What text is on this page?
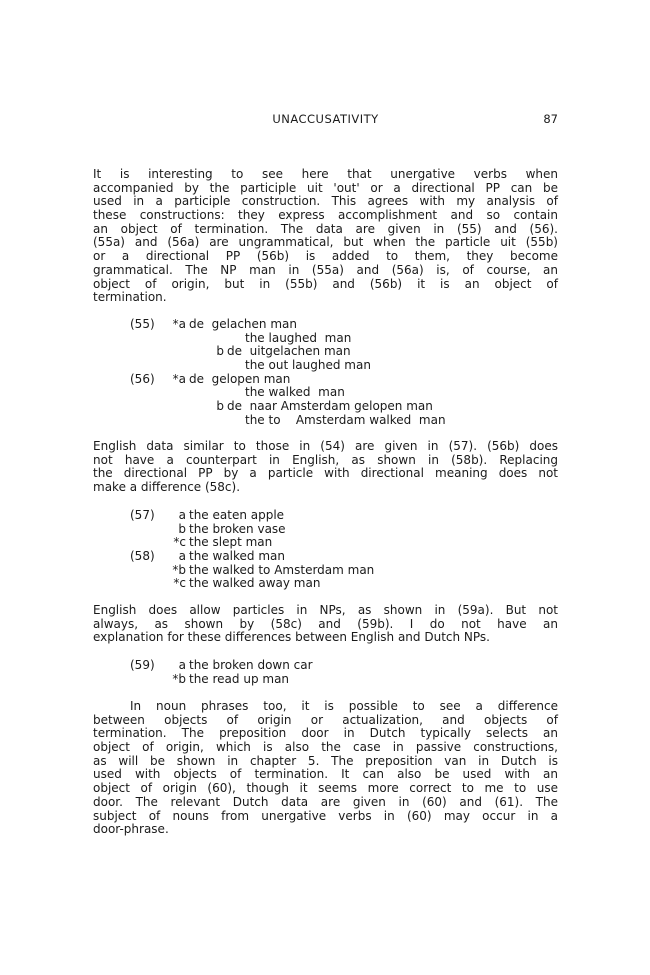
UNACCUSATIVITY	87
It is interesting to see here that unergative verbs when
accompanied by the participle uit 'out' or a directional PP can be
used in a participle construction. This agrees with my analysis of
these constructions: they express accomplishment and so contain
an object of termination. The data are given in (55) and (56).
(55a) and (56a) are ungrammatical, but when the particle uit (55b)
or a directional PP (56b) is added to them, they become
grammatical. The NP man in (55a) and (56a) is, of course, an
object of origin, but in (55b) and (56b) it is an object of
termination.
(55) *a de  gelachen man
the laughed  man
b de  uitgelachen man
the out laughed man
(56) *a de  gelopen man
the walked  man
b de  naar Amsterdam gelopen man
the to    Amsterdam walked  man
English data similar to those in (54) are given in (57). (56b) does
not have a counterpart in English, as shown in (58b). Replacing
the directional PP by a particle with directional meaning does not
make a difference (58c).
(57) a the eaten apple
b the broken vase
*c the slept man
(58) a the walked man
*b the walked to Amsterdam man
*c the walked away man
English does allow particles in NPs, as shown in (59a). But not
always, as shown by (58c) and (59b). I do not have an
explanation for these differences between English and Dutch NPs.
(59) a the broken down car
*b the read up man
In noun phrases too, it is possible to see a difference
between objects of origin or actualization, and objects of
termination. The preposition door in Dutch typically selects an
object of origin, which is also the case in passive constructions,
as will be shown in chapter 5. The preposition van in Dutch is
used with objects of termination. It can also be used with an
object of origin (60), though it seems more correct to me to use
door. The relevant Dutch data are given in (60) and (61). The
subject of nouns from unergative verbs in (60) may occur in a
door-phrase.
